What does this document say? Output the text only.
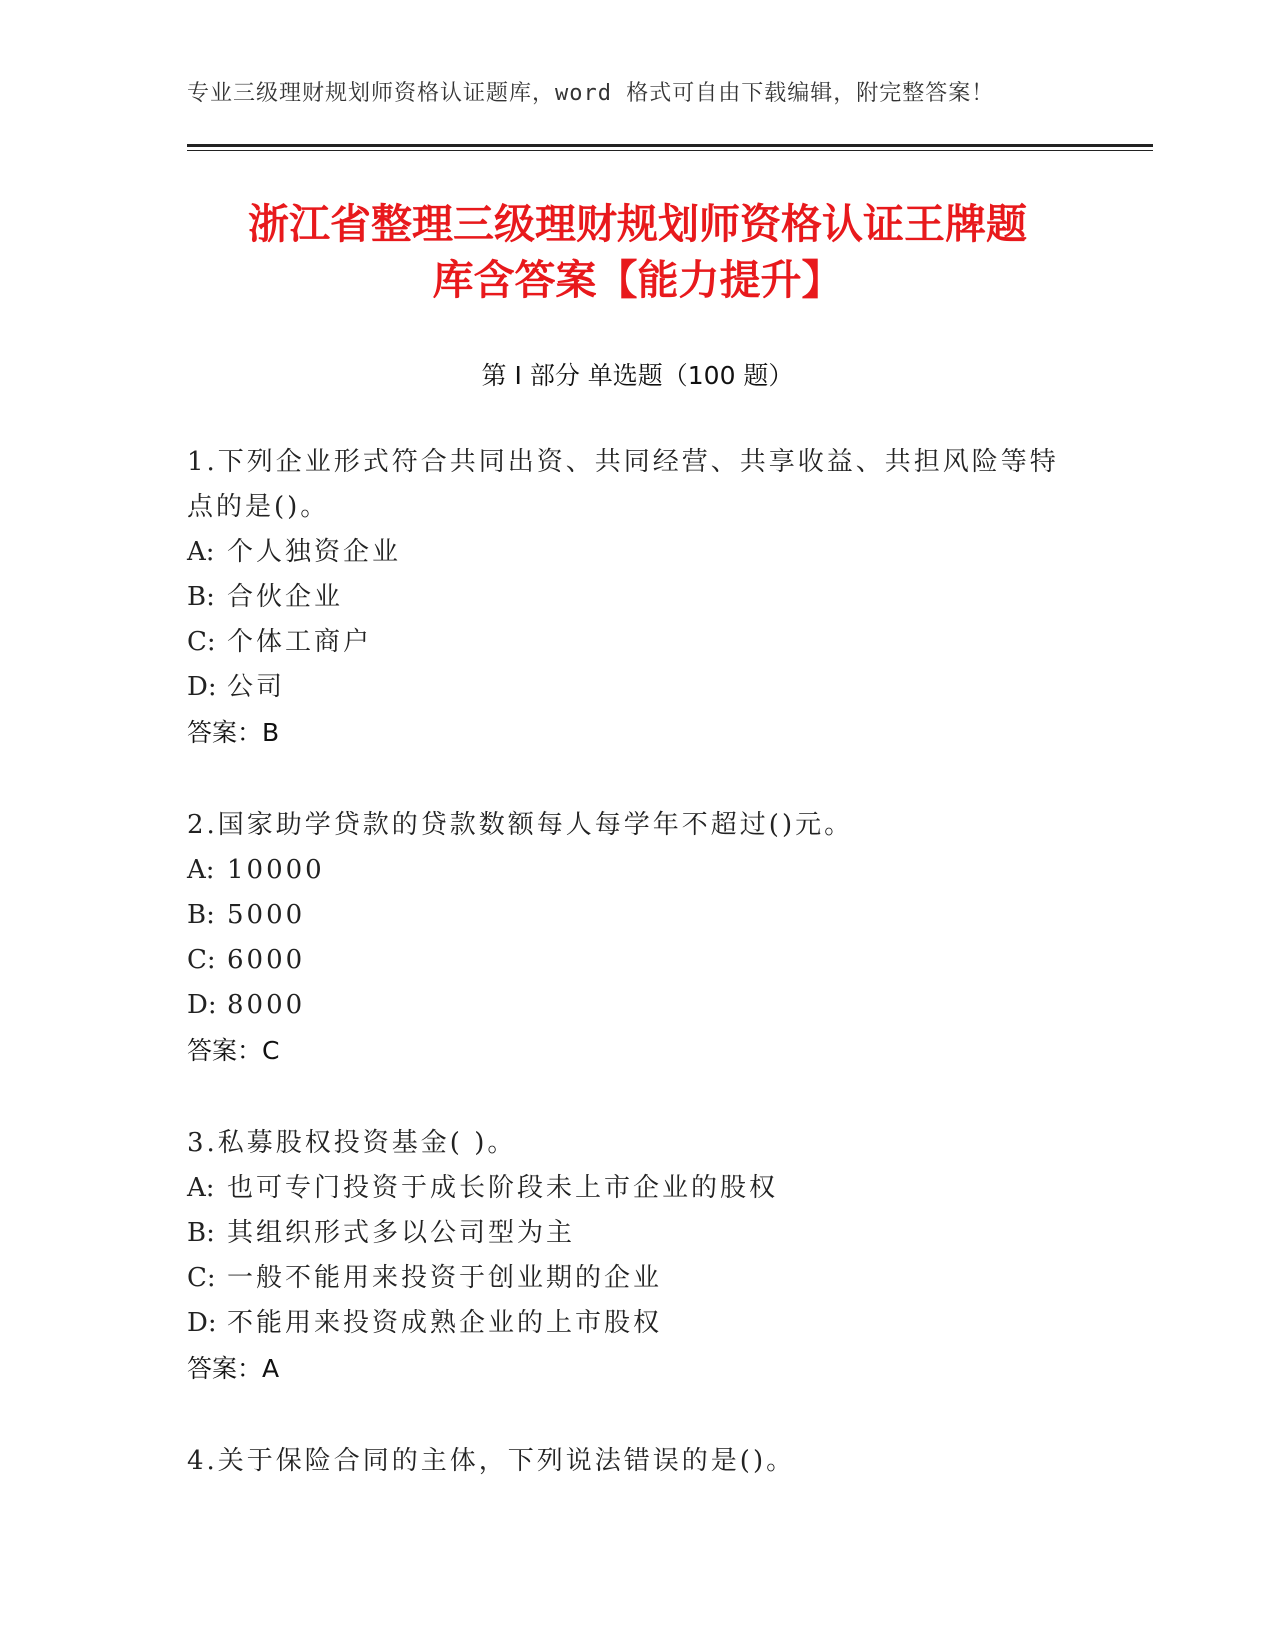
专业三级理财规划师资格认证题库，word 格式可自由下载编辑，附完整答案！
浙江省整理三级理财规划师资格认证王牌题
库含答案【能力提升】
第 I 部分 单选题（100 题）
1.下列企业形式符合共同出资、共同经营、共享收益、共担风险等特点的是()。
A: 个人独资企业
B: 合伙企业
C: 个体工商户
D: 公司
答案：B
2.国家助学贷款的贷款数额每人每学年不超过()元。
A: 10000
B: 5000
C: 6000
D: 8000
答案：C
3.私募股权投资基金( )。
A: 也可专门投资于成长阶段未上市企业的股权
B: 其组织形式多以公司型为主
C: 一般不能用来投资于创业期的企业
D: 不能用来投资成熟企业的上市股权
答案：A
4.关于保险合同的主体，下列说法错误的是()。
